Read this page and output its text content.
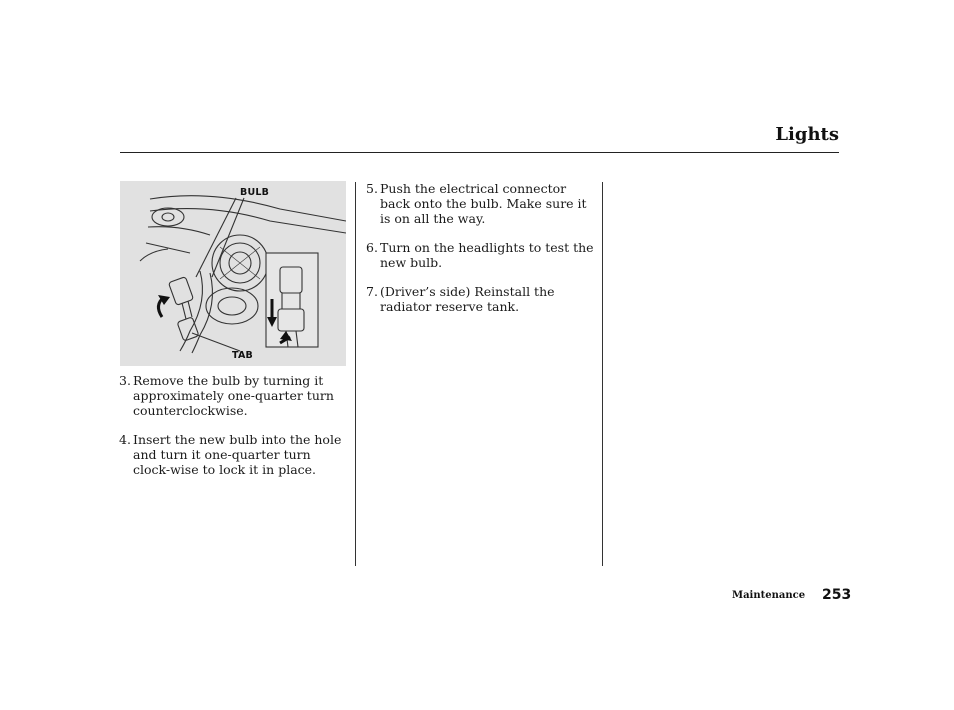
Lights
BULB
TAB
3. Remove the bulb by turning it approximately one-quarter turn counterclockwise.
4. Insert the new bulb into the hole and turn it one-quarter turn clock-wise to lock it in place.
5. Push the electrical connector back onto the bulb. Make sure it is on all the way.
6. Turn on the headlights to test the new bulb.
7. (Driver’s side) Reinstall the radiator reserve tank.
Maintenance 253
